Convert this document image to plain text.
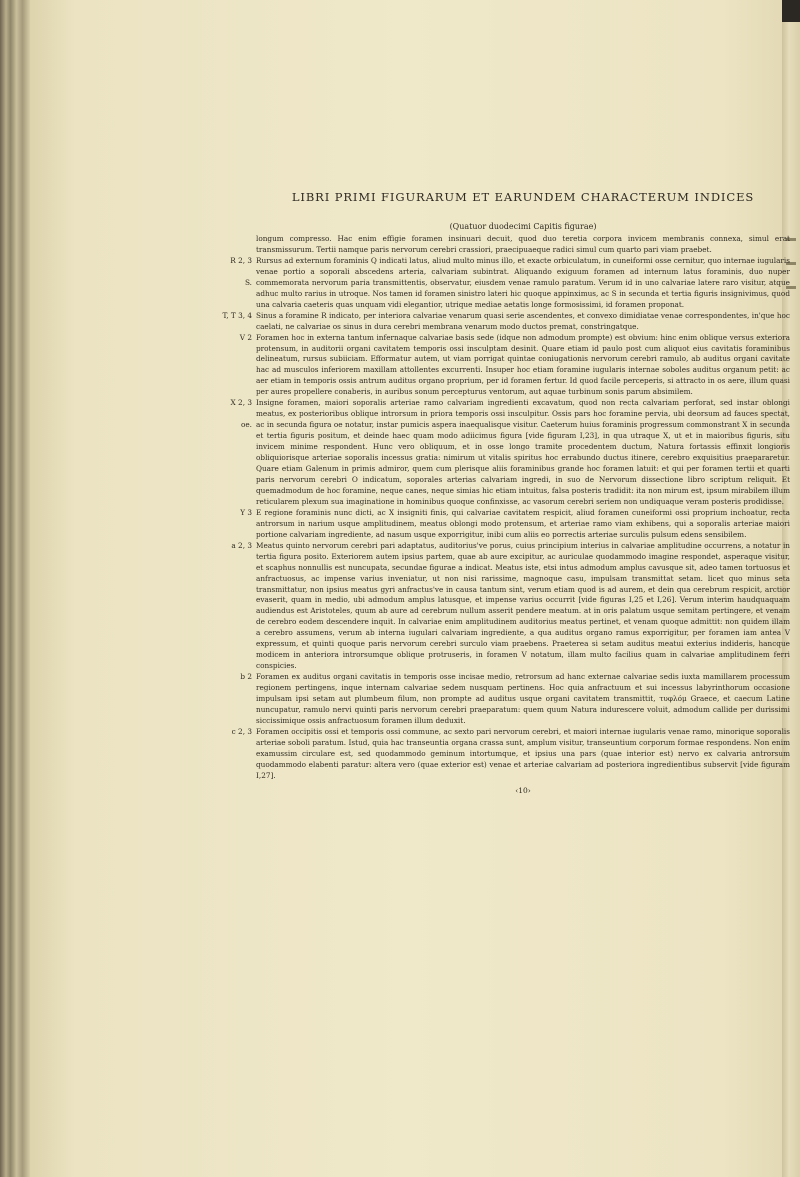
LIBRI PRIMI FIGURARUM ET EARUNDEM CHARACTERUM INDICES
(Quatuor duodecimi Capitis figurae)

longum compresso. Hac enim effigie foramen insinuari decuit, quod duo teretia corpora invicem membranis connexa, simul erat transmissurum. Tertii namque paris nervorum cerebri crassiori, praecipuaeque radici simul cum quarto pari viam praebet.

R 2, 3
S.

Rursus ad externum foraminis Q indicati latus, aliud multo minus illo, et exacte orbiculatum, in cuneiformi osse cernitur, quo internae iugularis venae portio a soporali abscedens arteria, calvariam subintrat. Aliquando exiguum foramen ad internum latus foraminis, duo nuper commemorata nervorum paria transmittentis, observatur, eiusdem venae ramulo paratum. Verum id in uno calvariae latere raro visitur, atque adhuc multo rarius in utroque. Nos tamen id foramen sinistro lateri hic quoque appinximus, ac S in secunda et tertia figuris insignivimus, quod una calvaria caeteris quas unquam vidi elegantior, utrique mediae aetatis longe formosissimi, id foramen proponat.

T, T 3, 4 Sinus a foramine R indicato, per interiora calvariae venarum quasi serie ascendentes, et convexo dimidiatae venae correspondentes, in'que hoc caelati, ne calvariae os sinus in dura cerebri membrana venarum modo ductos premat, constringatque.

V 2 Foramen hoc in externa tantum infernaque calvariae basis sede (idque non admodum prompte) est obvium: hinc enim oblique versus exteriora protensum, in auditorii organi cavitatem temporis ossi insculptam desinit. Quare etiam id paulo post cum aliquot eius cavitatis foraminibus delineatum, rursus subiiciam. Efformatur autem, ut viam porrigat quintae coniugationis nervorum cerebri ramulo, ab auditus organi cavitate hac ad musculos inferiorem maxillam attollentes excurrenti. Insuper hoc etiam foramine iugularis internae soboles auditus organum petit: ac aer etiam in temporis ossis antrum auditus organo proprium, per id foramen fertur. Id quod facile perceperis, si attracto in os aere, illum quasi per aures propellere conaberis, in auribus sonum percepturus ventorum, aut aquae turbinum sonis parum absimilem.

X 2, 3
oe.

Insigne foramen, maiori soporalis arteriae ramo calvariam ingredienti excavatum, quod non recta calvariam perforat, sed instar oblongi meatus, ex posterioribus oblique introrsum in priora temporis ossi insculpitur. Ossis pars hoc foramine pervia, ubi deorsum ad fauces spectat, ac in secunda figura oe notatur, instar pumicis aspera inaequalisque visitur. Caeterum huius foraminis progressum commonstrant X in secunda et tertia figuris positum, et deinde haec quam modo adiicimus figura [vide figuram I,23], in qua utraque X, ut et in maioribus figuris, situ invicem minime respondent. Hunc vero obliquum, et in osse longo tramite procedentem ductum, Natura fortassis effinxit longioris obliquiorisque arteriae soporalis incessus gratia: nimirum ut vitalis spiritus hoc errabundo ductus itinere, cerebro exquisitius praepararetur. Quare etiam Galenum in primis admiror, quem cum plerisque aliis foraminibus grande hoc foramen latuit: et qui per foramen tertii et quarti paris nervorum cerebri O indicatum, soporales arterias calvariam ingredi, in suo de Nervorum dissectione libro scriptum reliquit. Et quemadmodum de hoc foramine, neque canes, neque simias hic etiam intuitus, falsa posteris tradidit: ita non mirum est, ipsum mirabilem illum reticularem plexum sua imaginatione in hominibus quoque confinxisse, ac vasorum cerebri seriem non undiquaque veram posteris prodidisse.

Y 3 E regione foraminis nunc dicti, ac X insigniti finis, qui calvariae cavitatem respicit, aliud foramen cuneiformi ossi proprium inchoatur, recta antrorsum in narium usque amplitudinem, meatus oblongi modo protensum, et arteriae ramo viam exhibens, qui a soporalis arteriae maiori portione calvariam ingrediente, ad nasum usque exporrigitur, inibi cum aliis eo porrectis arteriae surculis pulsum edens sensibilem.

a 2, 3 Meatus quinto nervorum cerebri pari adaptatus, auditorius've porus, cuius principium interius in calvariae amplitudine occurrens, a notatur in tertia figura posito. Exteriorem autem ipsius partem, quae ab aure excipitur, ac auriculae quodammodo imagine respondet, asperaque visitur, et scaphus nonnullis est nuncupata, secundae figurae a indicat. Meatus iste, etsi intus admodum amplus cavusque sit, adeo tamen tortuosus et anfractuosus, ac impense varius inveniatur, ut non nisi rarissime, magnoque casu, impulsam transmittat setam. licet quo minus seta transmittatur, non ipsius meatus gyri anfractus've in causa tantum sint, verum etiam quod is ad aurem, et dein qua cerebrum respicit, arctior evaserit, quam in medio, ubi admodum amplus latusque, et impense varius occurrit [vide figuras I,25 et I,26]. Verum interim haudquaquam audiendus est Aristoteles, quum ab aure ad cerebrum nullum asserit pendere meatum. at in oris palatum usque semitam pertingere, et venam de cerebro eodem descendere inquit. In calvariae enim amplitudinem auditorius meatus pertinet, et venam quoque admittit: non quidem illam a cerebro assumens, verum ab interna iugulari calvariam ingrediente, a qua auditus organo ramus exporrigitur, per foramen iam antea V expressum, et quinti quoque paris nervorum cerebri surculo viam praebens. Praeterea si setam auditus meatui exterius indideris, hancque modicem in anteriora introrsumque oblique protruseris, in foramen V notatum, illam multo facilius quam in calvariae amplitudinem ferri conspicies.

b 2 Foramen ex auditus organi cavitatis in temporis osse incisae medio, retrorsum ad hanc externae calvariae sedis iuxta mamillarem processum regionem pertingens, inque internam calvariae sedem nusquam pertinens. Hoc quia anfractuum et sui incessus labyrinthorum occasione impulsam ipsi setam aut plumbeum filum, non prompte ad auditus usque organi cavitatem transmittit, τυφλόμ Graece, et caecum Latine nuncupatur, ramulo nervi quinti paris nervorum cerebri praeparatum: quem quum Natura indurescere voluit, admodum callide per durissimi siccissimique ossis anfractuosum foramen illum deduxit.

c 2, 3 Foramen occipitis ossi et temporis ossi commune, ac sexto pari nervorum cerebri, et maiori internae iugularis venae ramo, minorique soporalis arteriae soboli paratum. Istud, quia hac transeuntia organa crassa sunt, amplum visitur, transeuntium corporum formae respondens. Non enim examussim circulare est, sed quodammodo geminum intortumque, et ipsius una pars (quae interior est) nervo ex calvaria antrorsum quodammodo elabenti paratur: altera vero (quae exterior est) venae et arteriae calvariam ad posteriora ingredientibus subservit [vide figuram I,27].

‹10›
